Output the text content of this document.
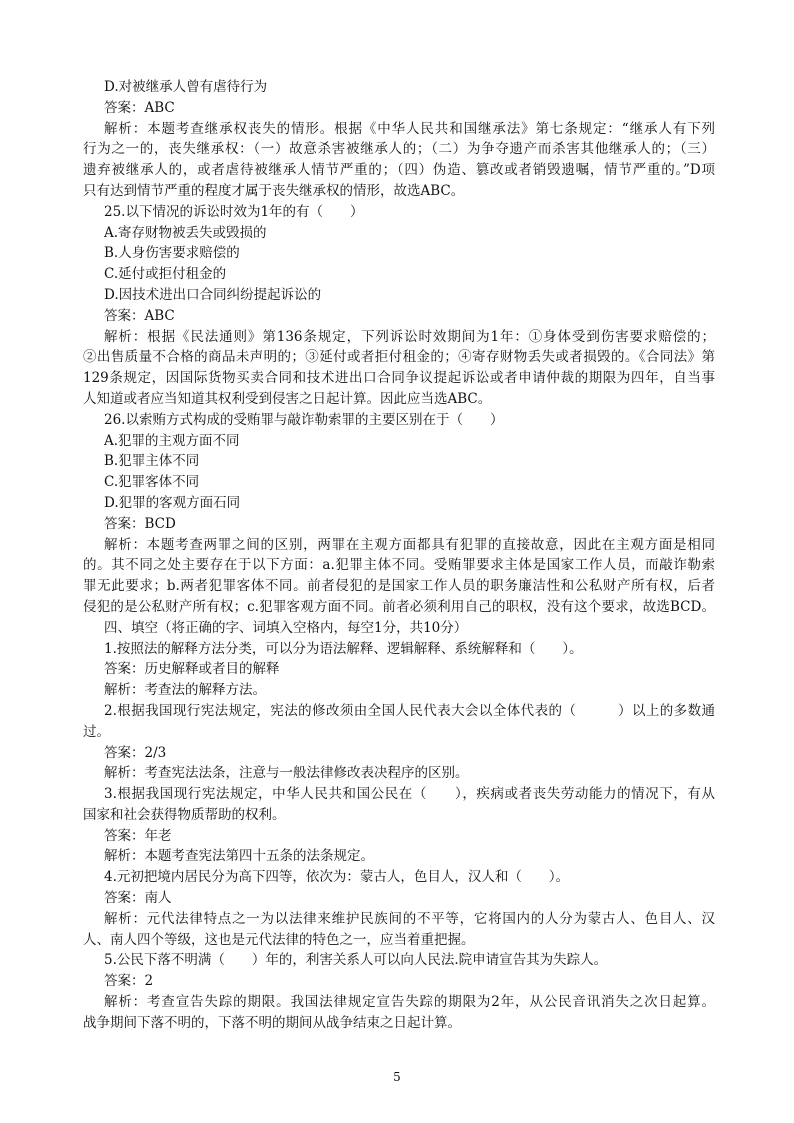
D.对被继承人曾有虐待行为
答案：ABC
解析：本题考查继承权丧失的情形。根据《中华人民共和国继承法》第七条规定：“继承人有下列
行为之一的，丧失继承权：（一）故意杀害被继承人的；（二）为争夺遗产而杀害其他继承人的；（三）
遗弃被继承人的，或者虐待被继承人情节严重的；（四）伪造、篡改或者销毁遗嘱，情节严重的。”D项
只有达到情节严重的程度才属于丧失继承权的情形，故选ABC。
25.以下情况的诉讼时效为1年的有（　　）
A.寄存财物被丢失或毁损的
B.人身伤害要求赔偿的
C.延付或拒付租金的
D.因技术进出口合同纠纷提起诉讼的
答案：ABC
解析：根据《民法通则》第136条规定，下列诉讼时效期间为1年：①身体受到伤害要求赔偿的；
②出售质量不合格的商品未声明的；③延付或者拒付租金的；④寄存财物丢失或者损毁的。《合同法》第
129条规定，因国际货物买卖合同和技术进出口合同争议提起诉讼或者申请仲裁的期限为四年，自当事
人知道或者应当知道其权利受到侵害之日起计算。因此应当选ABC。
26.以索贿方式构成的受贿罪与敲诈勒索罪的主要区别在于（　　）
A.犯罪的主观方面不同
B.犯罪主体不同
C.犯罪客体不同
D.犯罪的客观方面石同
答案：BCD
解析：本题考查两罪之间的区别，两罪在主观方面都具有犯罪的直接故意，因此在主观方面是相同
的。其不同之处主要存在于以下方面：a.犯罪主体不同。受贿罪要求主体是国家工作人员，而敲诈勒索
罪无此要求；b.两者犯罪客体不同。前者侵犯的是国家工作人员的职务廉洁性和公私财产所有权，后者
侵犯的是公私财产所有权；c.犯罪客观方面不同。前者必须利用自己的职权，没有这个要求，故选BCD。
四、填空（将正确的字、词填入空格内，每空1分，共10分）
1.按照法的解释方法分类，可以分为语法解释、逻辑解释、系统解释和（　　）。
答案：历史解释或者目的解释
解析：考查法的解释方法。
2.根据我国现行宪法规定，宪法的修改须由全国人民代表大会以全体代表的（　　　）以上的多数通
过。
答案：2/3
解析：考查宪法法条，注意与一般法律修改表决程序的区别。
3.根据我国现行宪法规定，中华人民共和国公民在（　　），疾病或者丧失劳动能力的情况下，有从
国家和社会获得物质帮助的权利。
答案：年老
解析：本题考查宪法第四十五条的法条规定。
4.元初把境内居民分为高下四等，依次为：蒙古人，色目人，汉人和（　　）。
答案：南人
解析：元代法律特点之一为以法律来维护民族间的不平等，它将国内的人分为蒙古人、色目人、汉
人、南人四个等级，这也是元代法律的特色之一，应当着重把握。
5.公民下落不明满（　　）年的，利害关系人可以向人民法.院申请宣告其为失踪人。
答案：2
解析：考查宣告失踪的期限。我国法律规定宣告失踪的期限为2年，从公民音讯消失之次日起算。
战争期间下落不明的，下落不明的期间从战争结束之日起计算。
5
